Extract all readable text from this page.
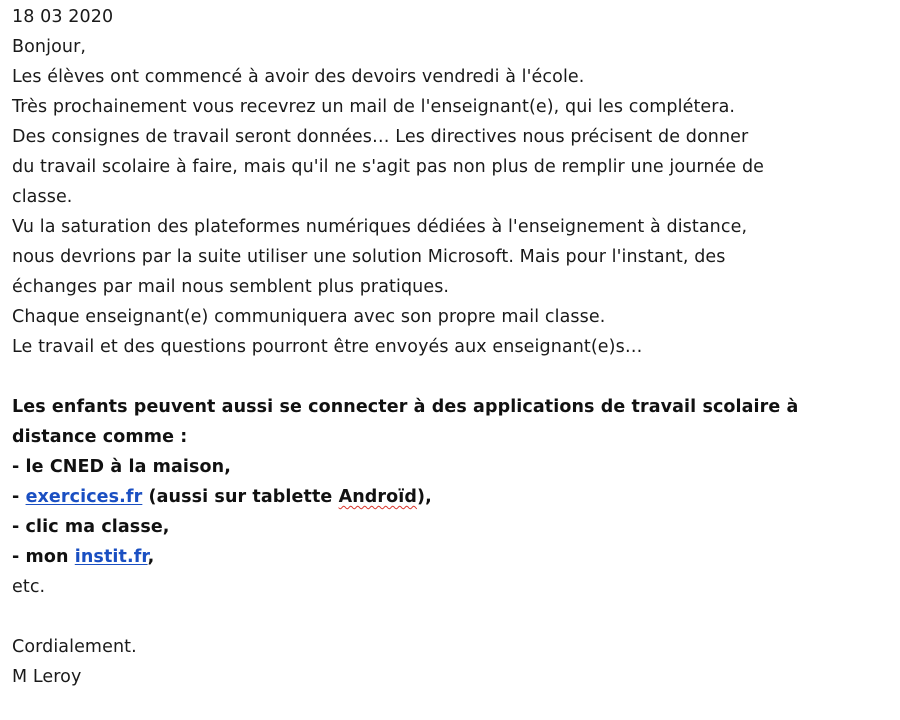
18 03 2020
Bonjour,
Les élèves ont commencé à avoir des devoirs vendredi à l'école.
Très prochainement vous recevrez un mail de l'enseignant(e), qui les complétera.
Des consignes de travail seront données… Les directives nous précisent de donner
du travail scolaire à faire, mais qu'il ne s'agit pas non plus de remplir une journée de
classe.
Vu la saturation des plateformes numériques dédiées à l'enseignement à distance,
nous devrions par la suite utiliser une solution Microsoft. Mais pour l'instant, des
échanges par mail nous semblent plus pratiques.
Chaque enseignant(e) communiquera avec son propre mail classe.
Le travail et des questions pourront être envoyés aux enseignant(e)s…
Les enfants peuvent aussi se connecter à des applications de travail scolaire à
distance comme :
- le CNED à la maison,
- exercices.fr (aussi sur tablette Androïd),
- clic ma classe,
- mon instit.fr,
etc.
Cordialement.
M Leroy
